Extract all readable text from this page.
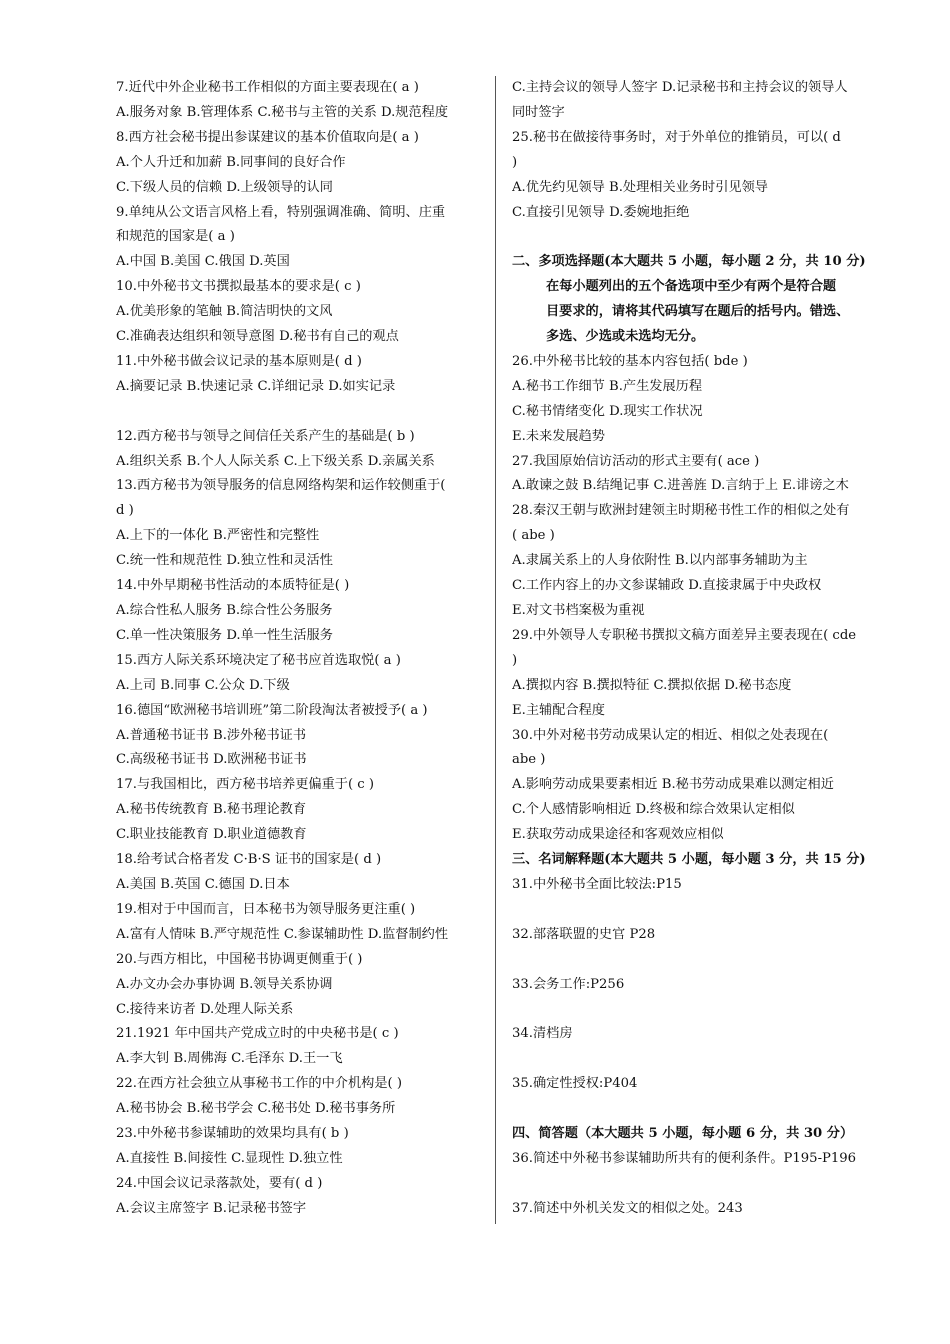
7.近代中外企业秘书工作相似的方面主要表现在( a )
A.服务对象 B.管理体系 C.秘书与主管的关系 D.规范程度
8.西方社会秘书提出参谋建议的基本价值取向是( a )
A.个人升迁和加薪 B.同事间的良好合作
C.下级人员的信赖 D.上级领导的认同
9.单纯从公文语言风格上看，特别强调准确、简明、庄重
和规范的国家是( a )
A.中国 B.美国 C.俄国 D.英国
10.中外秘书文书撰拟最基本的要求是( c )
A.优美形象的笔触 B.简洁明快的文风
C.准确表达组织和领导意图 D.秘书有自己的观点
11.中外秘书做会议记录的基本原则是( d )
A.摘要记录 B.快速记录 C.详细记录 D.如实记录
12.西方秘书与领导之间信任关系产生的基础是( b )
A.组织关系 B.个人人际关系 C.上下级关系 D.亲属关系
13.西方秘书为领导服务的信息网络构架和运作较侧重于(
d )
A.上下的一体化 B.严密性和完整性
C.统一性和规范性 D.独立性和灵活性
14.中外早期秘书性活动的本质特征是( )
A.综合性私人服务 B.综合性公务服务
C.单一性决策服务 D.单一性生活服务
15.西方人际关系环境决定了秘书应首选取悦( a )
A.上司 B.同事 C.公众 D.下级
16.德国“欧洲秘书培训班”第二阶段淘汰者被授予( a )
A.普通秘书证书 B.涉外秘书证书
C.高级秘书证书 D.欧洲秘书证书
17.与我国相比，西方秘书培养更偏重于( c )
A.秘书传统教育 B.秘书理论教育
C.职业技能教育 D.职业道德教育
18.给考试合格者发 C·B·S 证书的国家是( d )
A.美国 B.英国 C.德国 D.日本
19.相对于中国而言，日本秘书为领导服务更注重( )
A.富有人情味 B.严守规范性 C.参谋辅助性 D.监督制约性
20.与西方相比，中国秘书协调更侧重于( )
A.办文办会办事协调 B.领导关系协调
C.接待来访者 D.处理人际关系
21.1921 年中国共产党成立时的中央秘书是( c )
A.李大钊 B.周佛海 C.毛泽东 D.王一飞
22.在西方社会独立从事秘书工作的中介机构是( )
A.秘书协会 B.秘书学会 C.秘书处 D.秘书事务所
23.中外秘书参谋辅助的效果均具有( b )
A.直接性 B.间接性 C.显现性 D.独立性
24.中国会议记录落款处，要有( d )
A.会议主席签字 B.记录秘书签字
C.主持会议的领导人签字 D.记录秘书和主持会议的领导人
同时签字
25.秘书在做接待事务时，对于外单位的推销员，可以( d
)
A.优先约见领导 B.处理相关业务时引见领导
C.直接引见领导 D.委婉地拒绝
二、多项选择题(本大题共 5 小题，每小题 2 分，共 10 分)
在每小题列出的五个备选项中至少有两个是符合题
目要求的，请将其代码填写在题后的括号内。错选、
多选、少选或未选均无分。
26.中外秘书比较的基本内容包括( bde )
A.秘书工作细节 B.产生发展历程
C.秘书情绪变化 D.现实工作状况
E.未来发展趋势
27.我国原始信访活动的形式主要有( ace )
A.敢谏之鼓 B.结绳记事 C.进善旌 D.言纳于上 E.诽谤之木
28.秦汉王朝与欧洲封建领主时期秘书性工作的相似之处有
( abe )
A.隶属关系上的人身依附性 B.以内部事务辅助为主
C.工作内容上的办文参谋辅政 D.直接隶属于中央政权
E.对文书档案极为重视
29.中外领导人专职秘书撰拟文稿方面差异主要表现在( cde
)
A.撰拟内容 B.撰拟特征 C.撰拟依据 D.秘书态度
E.主辅配合程度
30.中外对秘书劳动成果认定的相近、相似之处表现在(
abe )
A.影响劳动成果要素相近 B.秘书劳动成果难以测定相近
C.个人感情影响相近 D.终极和综合效果认定相似
E.获取劳动成果途径和客观效应相似
三、名词解释题(本大题共 5 小题，每小题 3 分，共 15 分)
31.中外秘书全面比较法:P15
32.部落联盟的史官 P28
33.会务工作:P256
34.清档房
35.确定性授权:P404
四、简答题（本大题共 5 小题，每小题 6 分，共 30 分）
36.简述中外秘书参谋辅助所共有的便利条件。P195-P196
37.简述中外机关发文的相似之处。243
